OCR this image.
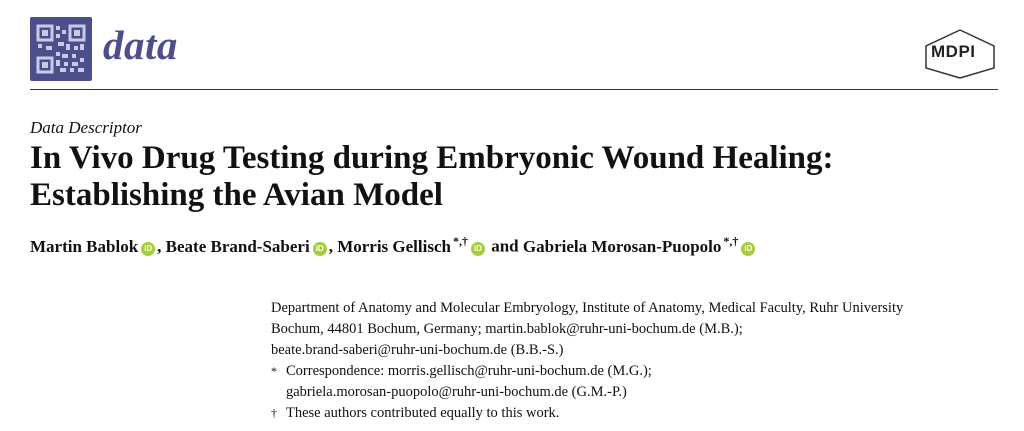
data	MDPI
Data Descriptor
In Vivo Drug Testing during Embryonic Wound Healing:
Establishing the Avian Model
Martin Bablok iD , Beate Brand-Saberi iD , Morris Gellisch *,†iD and Gabriela Morosan-Puopolo *,†iD

Department of Anatomy and Molecular Embryology, Institute of Anatomy, Medical Faculty, Ruhr University

Bochum, 44801 Bochum, Germany; martin.bablok@ruhr-uni-bochum.de (M.B.);

beate.brand-saberi@ruhr-uni-bochum.de (B.B.-S.)

* Correspondence: morris.gellisch@ruhr-uni-bochum.de (M.G.);

gabriela.morosan-puopolo@ruhr-uni-bochum.de (G.M.-P.)

† These authors contributed equally to this work.
